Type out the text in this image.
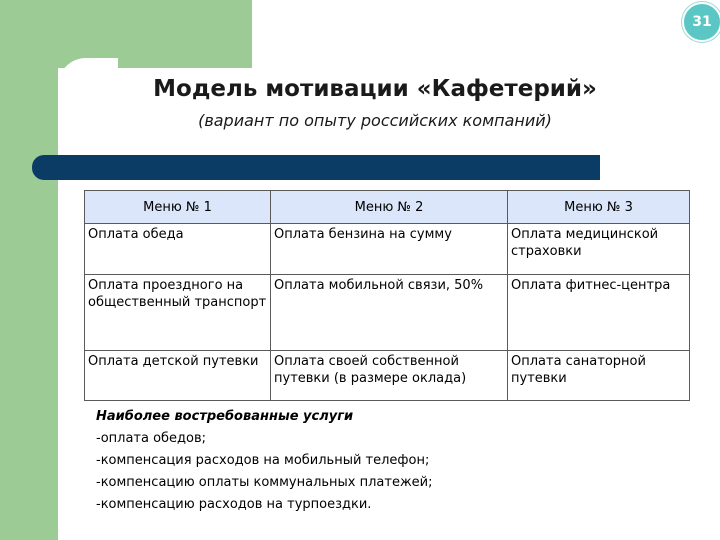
31
Модель мотивации «Кафетерий»
(вариант по опыту российских компаний)
Меню № 1	Меню № 2	Меню № 3
Оплата обеда	Оплата бензина на сумму	Оплата медицинской страховки
Оплата проездного на общественный транспорт	Оплата мобильной связи, 50%	Оплата фитнес-центра
Оплата детской путевки	Оплата своей собственной путевки (в размере оклада)	Оплата санаторной путевки
Наиболее востребованные услуги
-оплата обедов;
-компенсация расходов на мобильный телефон;
-компенсацию оплаты коммунальных платежей;
-компенсацию расходов на турпоездки.
